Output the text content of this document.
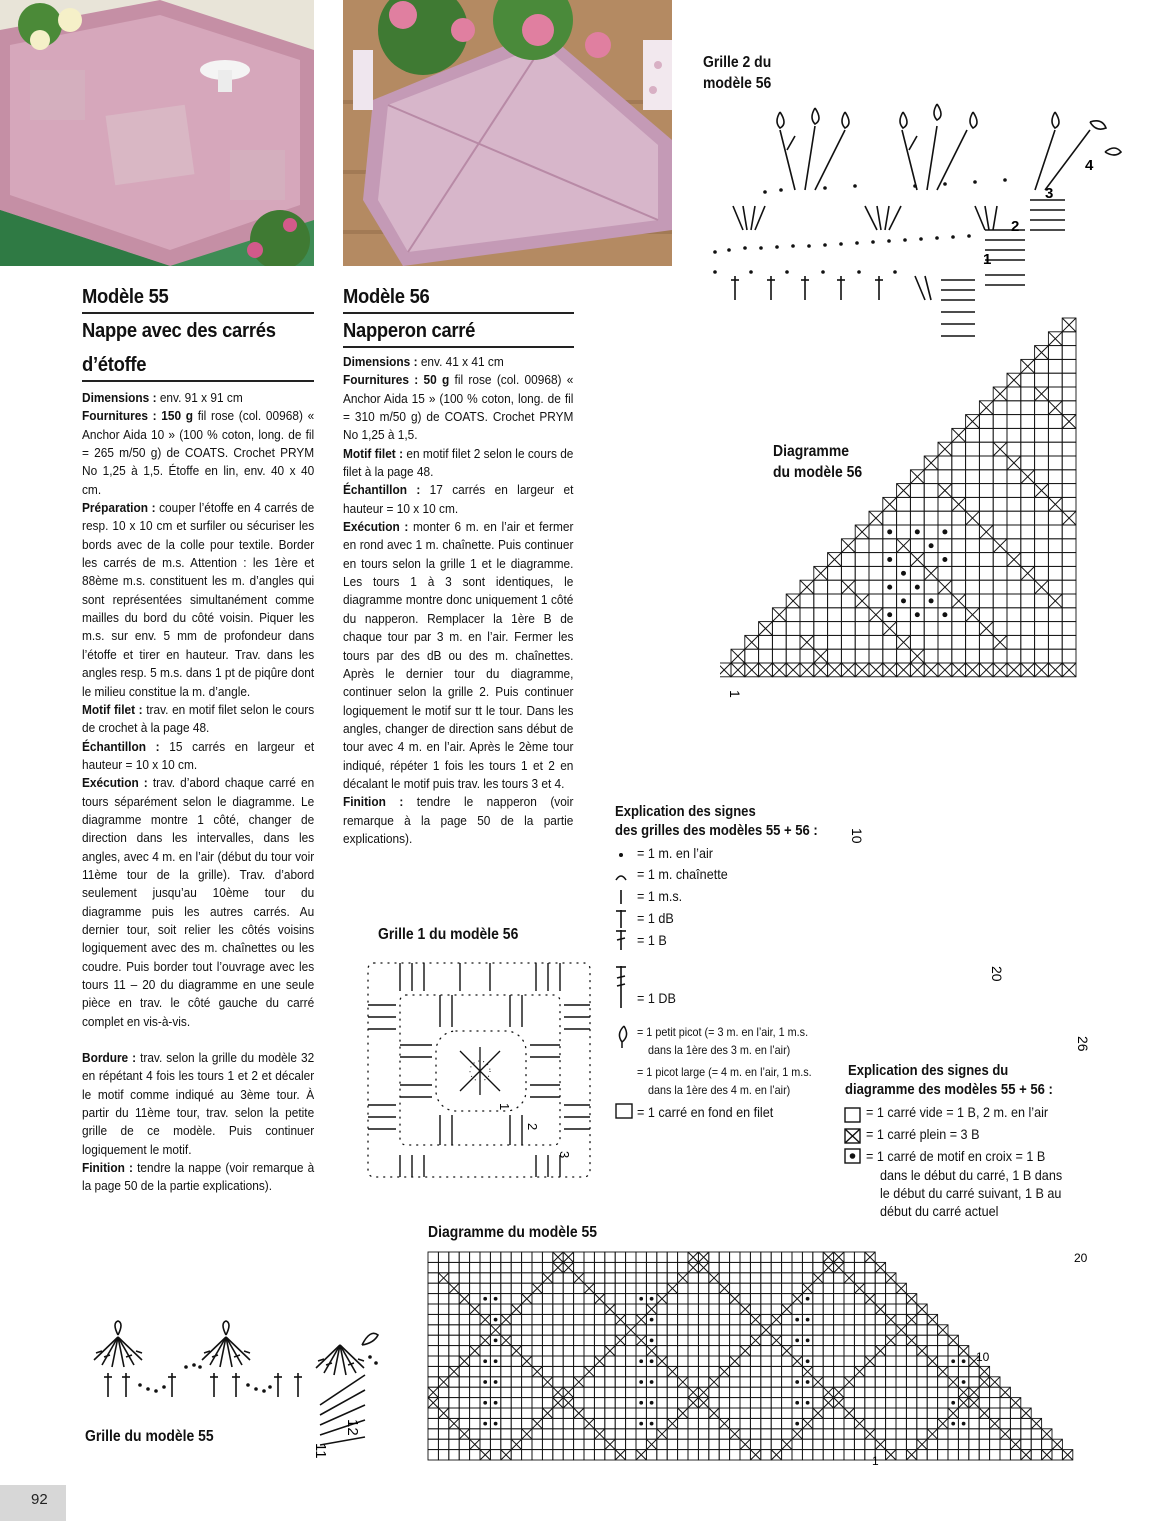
Modèle 55
Nappe avec des carrés
d’étoffe

Dimensions : env. 91 x 91 cm

Fournitures : 150 g fil rose (col. 00968) « Anchor Aida 10 » (100 % coton, long. de fil = 265 m/50 g) de COATS. Crochet PRYM No 1,25 à 1,5. Étoffe en lin, env. 40 x 40 cm.

Préparation : couper l’étoffe en 4 carrés de resp. 10 x 10 cm et surfiler ou sécuriser les bords avec de la colle pour textile. Border les carrés de m.s. Attention : les 1ère et 88ème m.s. constituent les m. d’angles qui sont représentées simultanément comme mailles du bord du côté voisin. Piquer les m.s. sur env. 5 mm de profondeur dans l’étoffe et tirer en hauteur. Trav. dans les angles resp. 5 m.s. dans 1 pt de piqûre dont le milieu constitue la m. d’angle.

Motif filet : trav. en motif filet selon le cours de crochet à la page 48.

Échantillon : 15 carrés en largeur et hauteur = 10 x 10 cm.

Exécution : trav. d’abord chaque carré en tours séparément selon le diagramme. Le diagramme montre 1 côté, changer de direction dans les intervalles, dans les angles, avec 4 m. en l’air (début du tour voir 11ème tour de la grille). Trav. d’abord seulement jusqu’au 10ème tour du diagramme puis les autres carrés. Au dernier tour, soit relier les côtés voisins logiquement avec des m. chaînettes ou les coudre. Puis border tout l’ouvrage avec les tours 11 – 20 du diagramme en une seule pièce en trav. le côté gauche du carré complet en vis-à-vis.

Bordure : trav. selon la grille du modèle 32 en répétant 4 fois les tours 1 et 2 et décaler le motif comme indiqué au 3ème tour. À partir du 11ème tour, trav. selon la petite grille de ce modèle. Puis continuer logiquement le motif.

Finition : tendre la nappe (voir remarque à la page 50 de la partie explications).

12
11
Grille du modèle 55
Modèle 56
Napperon carré

Dimensions : env. 41 x 41 cm

Fournitures : 50 g fil rose (col. 00968) « Anchor Aida 15 » (100 % coton, long. de fil = 310 m/50 g) de COATS. Crochet PRYM No 1,25 à 1,5.

Motif filet : en motif filet 2 selon le cours de filet à la page 48.

Échantillon : 17 carrés en largeur et hauteur = 10 x 10 cm.

Exécution : monter 6 m. en l’air et fermer en rond avec 1 m. chaînette. Puis continuer en tours selon la grille 1 et le diagramme. Les tours 1 à 3 sont identiques, le diagramme montre donc uniquement 1 côté du napperon. Remplacer la 1ère B de chaque tour par 3 m. en l’air. Fermer les tours par des dB ou des m. chaînettes. Après le dernier tour du diagramme, continuer selon la grille 2. Puis continuer logiquement le motif sur tt le tour. Dans les angles, changer de direction sans début de tour avec 4 m. en l’air. Après le 2ème tour indiqué, répéter 1 fois les tours 1 et 2 en décalant le motif puis trav. les tours 3 et 4.

Finition : tendre le napperon (voir remarque à la page 50 de la partie explications).

Grille 1 du modèle 56
1
2
3
Grille 2 du
modèle 56
1
2
3
4
Diagramme
du modèle 56
1
10
20
26
Explication des signes
des grilles des modèles 55 + 56 :
= 1 m. en l’air
= 1 m. chaînette
= 1 m.s.
= 1 dB
= 1 B
= 1 DB
= 1 petit picot (= 3 m. en l’air, 1 m.s.
dans la 1ère des 3 m. en l’air)
= 1 picot large (= 4 m. en l’air, 1 m.s.
dans la 1ère des 4 m. en l’air)
= 1 carré en fond en filet
Explication des signes du
diagramme des modèles 55 + 56 :
= 1 carré vide = 1 B, 2 m. en l’air
= 1 carré plein = 3 B
= 1 carré de motif en croix = 1 B
dans le début du carré, 1 B dans
le début du carré suivant, 1 B au
début du carré actuel
Diagramme du modèle 55
20
10
1
92
